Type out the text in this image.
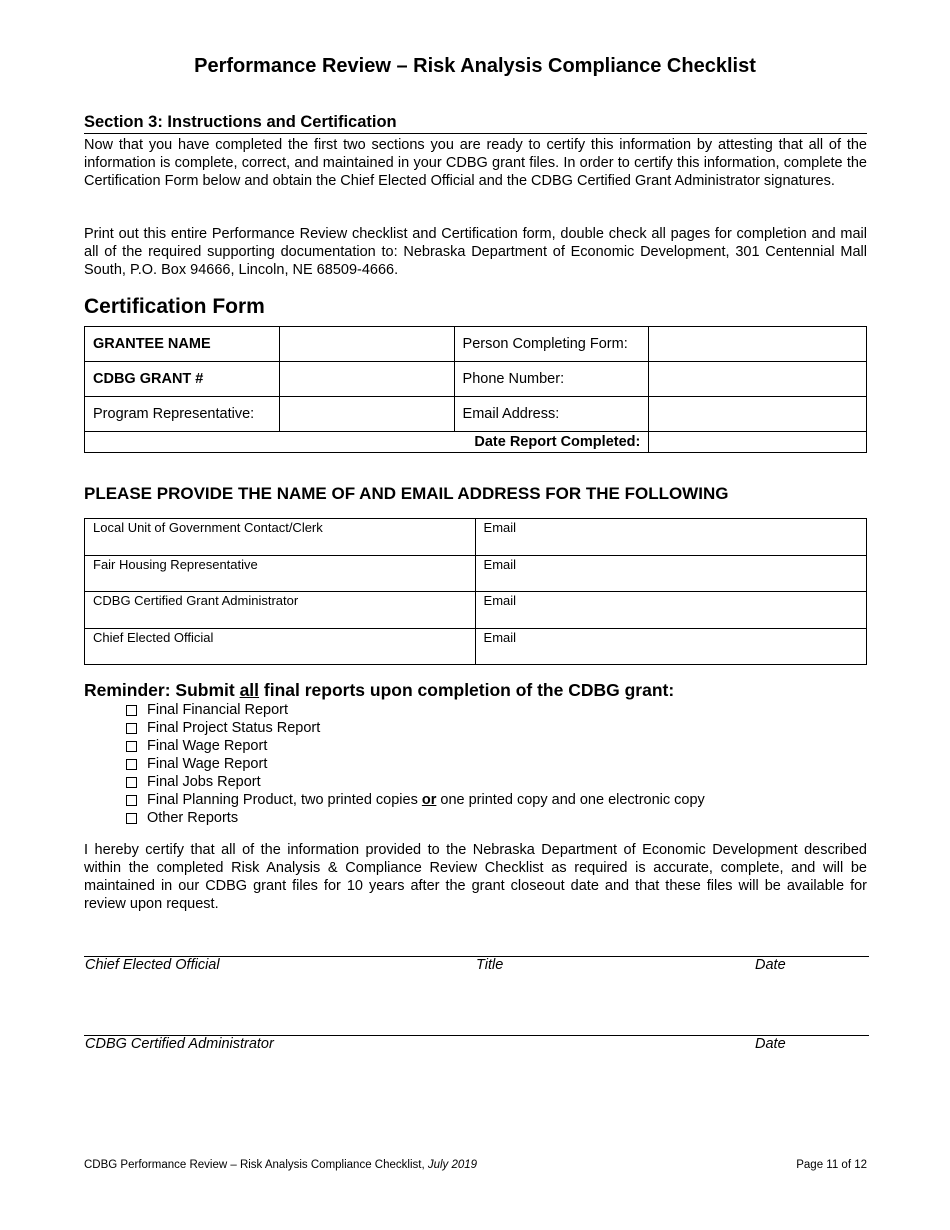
Performance Review – Risk Analysis Compliance Checklist
Section 3: Instructions and Certification

Now that you have completed the first two sections you are ready to certify this information by attesting that all of the information is complete, correct, and maintained in your CDBG grant files. In order to certify this information, complete the Certification Form below and obtain the Chief Elected Official and the CDBG Certified Grant Administrator signatures.

Print out this entire Performance Review checklist and Certification form, double check all pages for completion and mail all of the required supporting documentation to: Nebraska Department of Economic Development, 301 Centennial Mall South, P.O. Box 94666, Lincoln, NE 68509-4666.

Certification Form
GRANTEE NAME		Person Completing Form:	
CDBG GRANT #		Phone Number:	
Program Representative:		Email Address:	
Date Report Completed:			
PLEASE PROVIDE THE NAME OF AND EMAIL ADDRESS FOR THE FOLLOWING
Local Unit of Government Contact/Clerk	Email
Fair Housing Representative	Email
CDBG Certified Grant Administrator	Email
Chief Elected Official	Email
Reminder: Submit all final reports upon completion of the CDBG grant:
Final Financial Report
Final Project Status Report
Final Wage Report
Final Wage Report
Final Jobs Report
Final Planning Product, two printed copies or one printed copy and one electronic copy
Other Reports

I hereby certify that all of the information provided to the Nebraska Department of Economic Development described within the completed Risk Analysis & Compliance Review Checklist as required is accurate, complete, and will be maintained in our CDBG grant files for 10 years after the grant closeout date and that these files will be available for review upon request.

Chief Elected Official	Title	Date
CDBG Certified Administrator	Date
CDBG Performance Review – Risk Analysis Compliance Checklist, July 2019	Page 11 of 12
